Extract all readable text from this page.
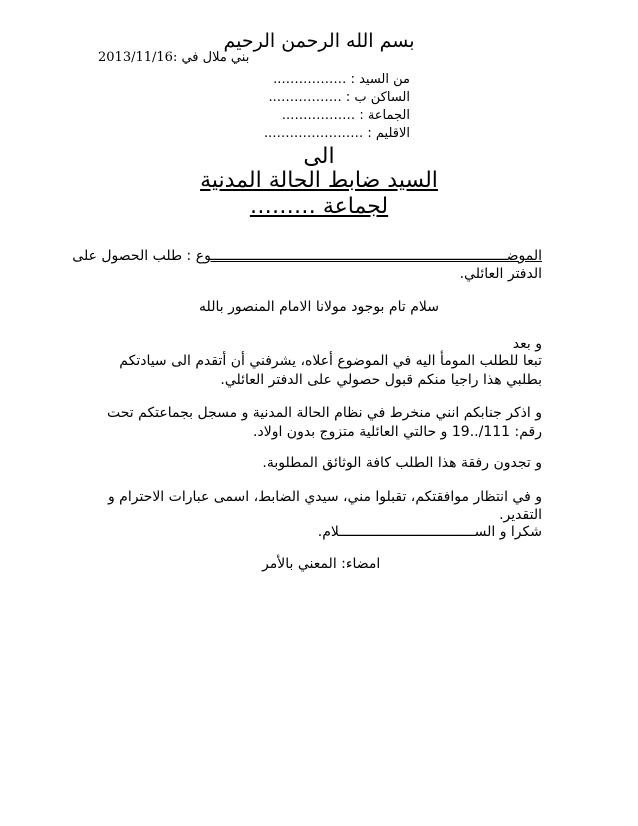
بسم الله الرحمن الرحيم
بني ملال في :2013/11/16
من السيد : ……………..
الساكن ب : ……………..
الجماعة : ……………..
الاقليم : …………………..
الى
السيد ضابط الحالة المدنية
لجماعة ………
الموضــــــــــــــــــــــــــــــــــــــــــــــــــــــــــــــــــــــــوع : طلب الحصول على
الدفتر العائلي.
سلام تام بوجود مولانا الامام المنصور بالله
و بعد
تبعا للطلب المومأ اليه في الموضوع أعلاه، يشرفني أن أتقدم الى سيادتكم
بطلبي هذا راجيا منكم قبول حصولي على الدفتر العائلي.
و اذكر جنابكم انني منخرط في نظام الحالة المدنية و مسجل بجماعتكم تحت
رقم: 111/..19 و حالتي العائلية متزوج بدون اولاد.
و تجدون رفقة هذا الطلب كافة الوثائق المطلوبة.
و في انتظار موافقتكم، تقبلوا مني، سيدي الضابط، اسمى عبارات الاحترام و
التقدير.
شكرا و الســـــــــــــــــــــــــــــــــلام.
امضاء: المعني بالأمر
